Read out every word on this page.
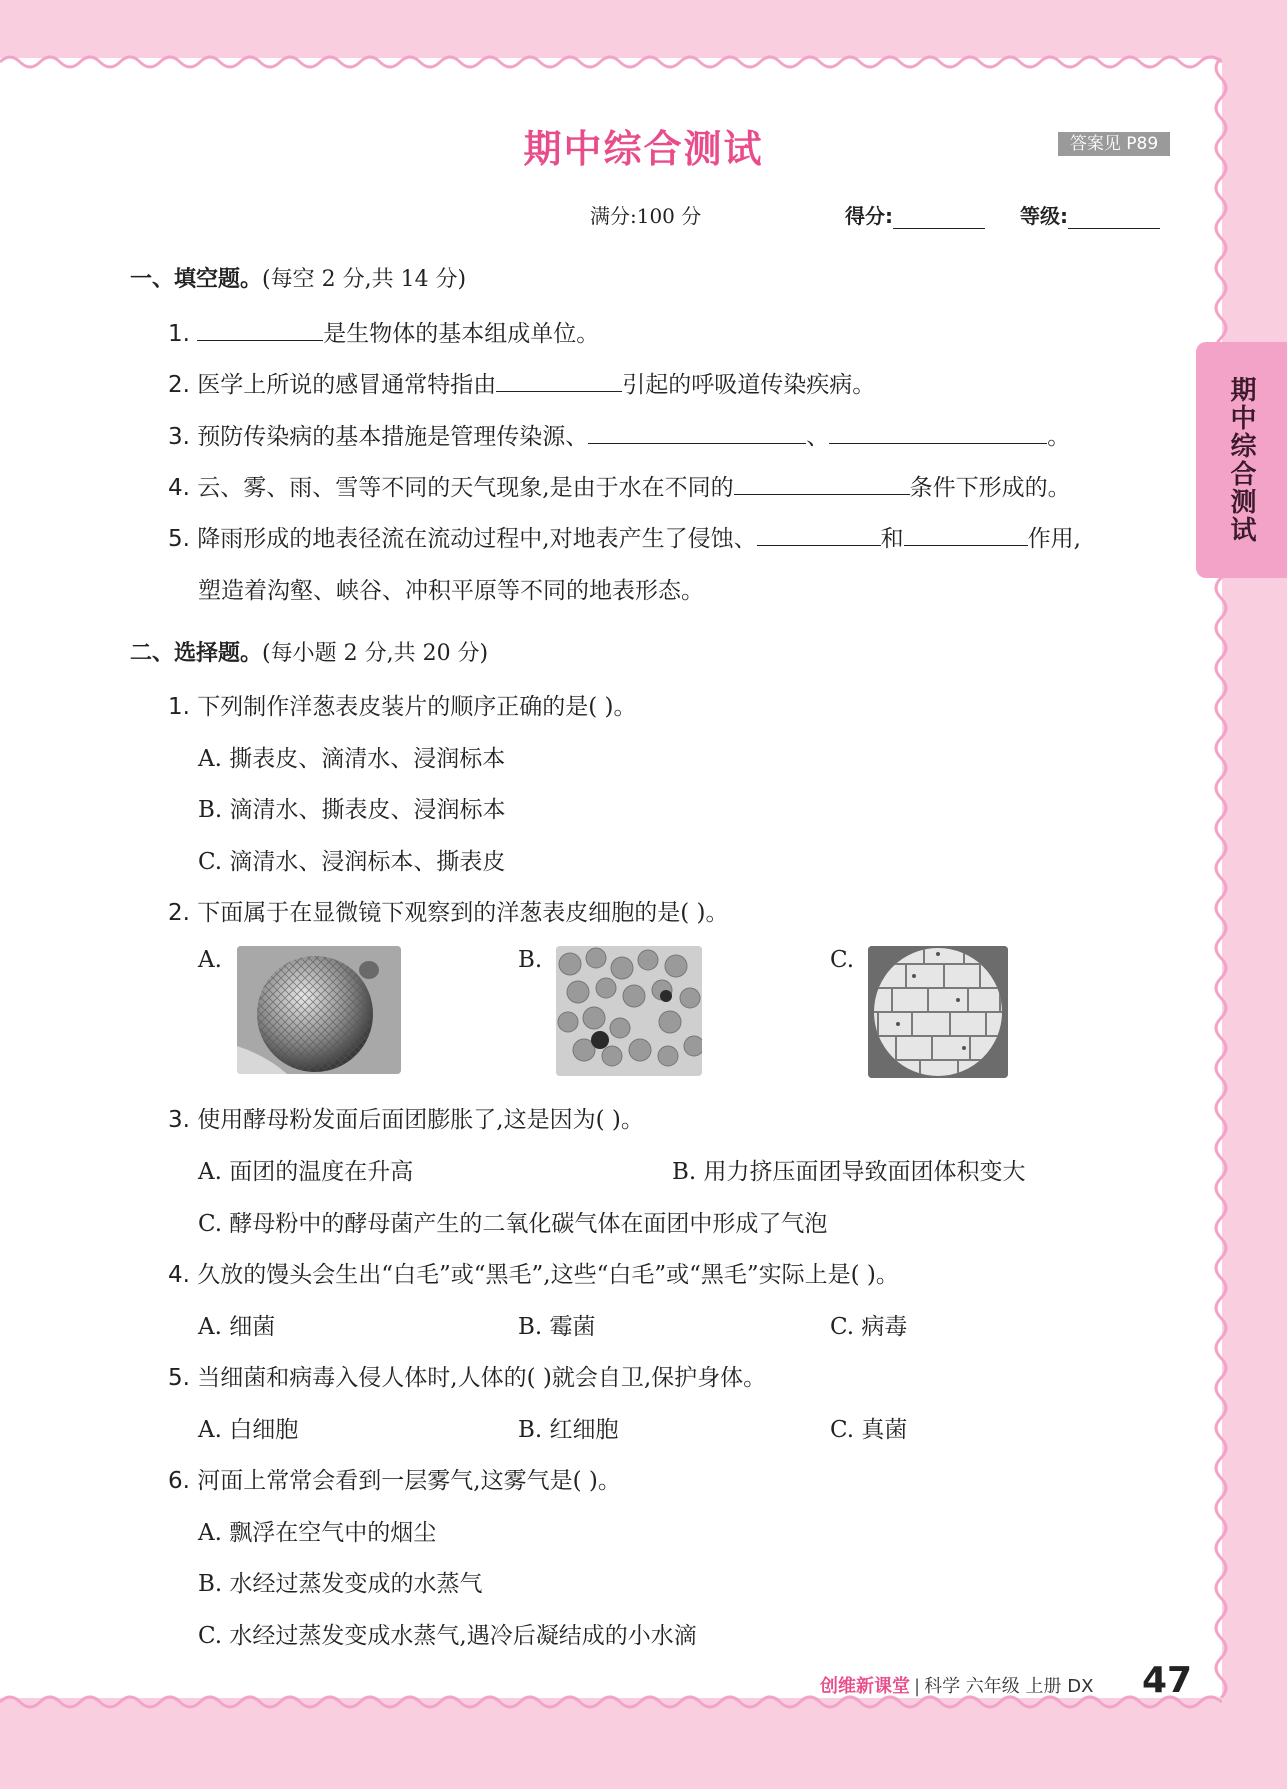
期中综合测试
期中综合测试	答案见 P89
满分:100 分	得分:	等级:
一、填空题。(每空 2 分,共 14 分)
1.	是生物体的基本组成单位。
2. 医学上所说的感冒通常特指由	引起的呼吸道传染疾病。
3. 预防传染病的基本措施是管理传染源、	、	。
4. 云、雾、雨、雪等不同的天气现象,是由于水在不同的	条件下形成的。
5. 降雨形成的地表径流在流动过程中,对地表产生了侵蚀、	和	作用,
塑造着沟壑、峡谷、冲积平原等不同的地表形态。
二、选择题。(每小题 2 分,共 20 分)
1. 下列制作洋葱表皮装片的顺序正确的是( )。
A. 撕表皮、滴清水、浸润标本
B. 滴清水、撕表皮、浸润标本
C. 滴清水、浸润标本、撕表皮
2. 下面属于在显微镜下观察到的洋葱表皮细胞的是( )。
A.	B.	C.
3. 使用酵母粉发面后面团膨胀了,这是因为( )。
A. 面团的温度在升高	B. 用力挤压面团导致面团体积变大
C. 酵母粉中的酵母菌产生的二氧化碳气体在面团中形成了气泡
4. 久放的馒头会生出“白毛”或“黑毛”,这些“白毛”或“黑毛”实际上是( )。
A. 细菌	B. 霉菌	C. 病毒
5. 当细菌和病毒入侵人体时,人体的( )就会自卫,保护身体。
A. 白细胞	B. 红细胞	C. 真菌
6. 河面上常常会看到一层雾气,这雾气是( )。
A. 飘浮在空气中的烟尘
B. 水经过蒸发变成的水蒸气
C. 水经过蒸发变成水蒸气,遇冷后凝结成的小水滴
创维新课堂 | 科学 六年级 上册 DX 47
